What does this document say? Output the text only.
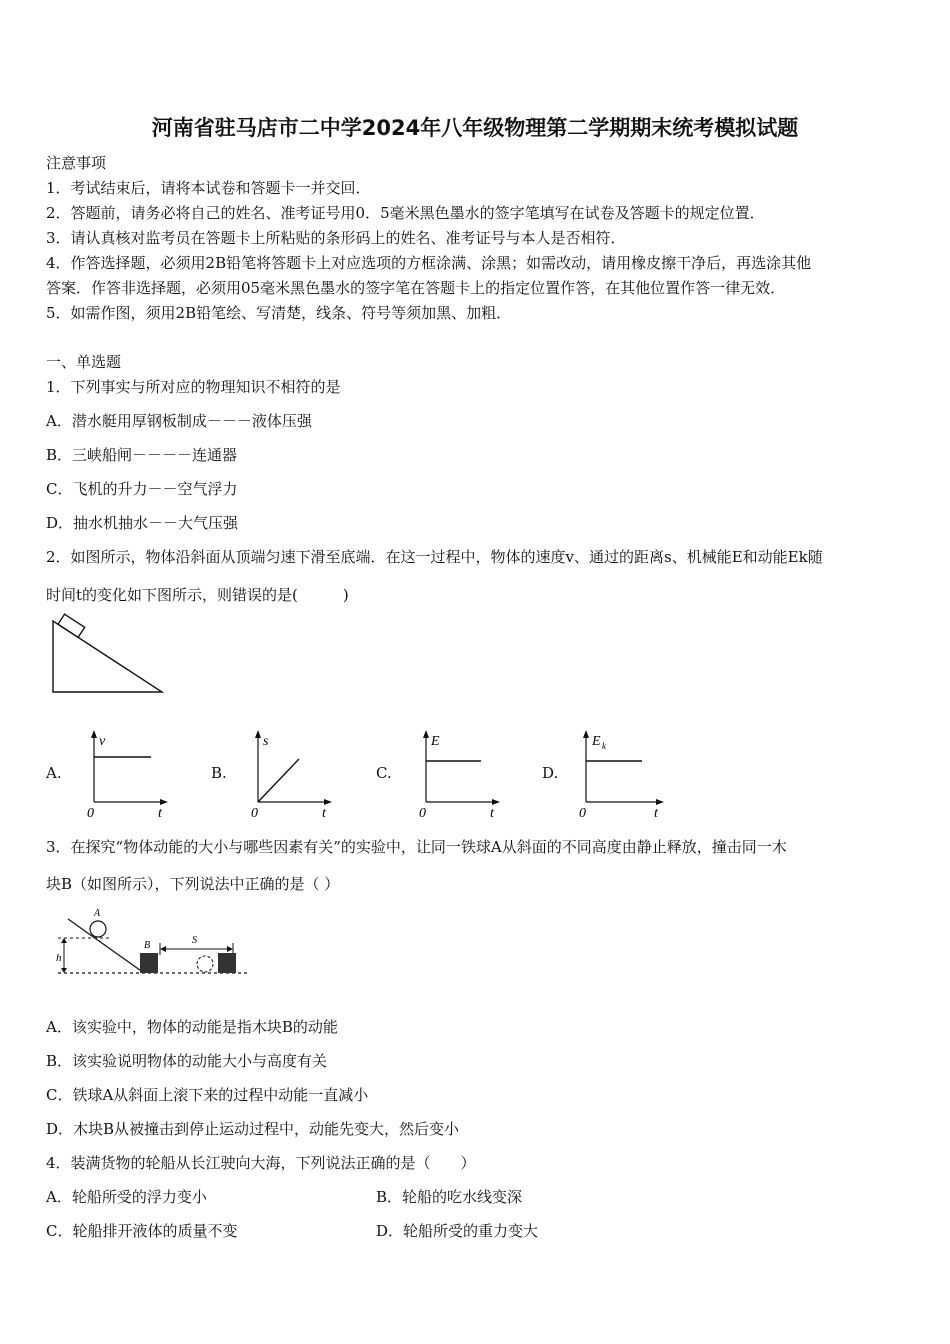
河南省驻马店市二中学2024年八年级物理第二学期期末统考模拟试题
注意事项
1．考试结束后，请将本试卷和答题卡一并交回．
2．答题前，请务必将自己的姓名、准考证号用0．5毫米黑色墨水的签字笔填写在试卷及答题卡的规定位置．
3．请认真核对监考员在答题卡上所粘贴的条形码上的姓名、准考证号与本人是否相符．
4．作答选择题，必须用2B铅笔将答题卡上对应选项的方框涂满、涂黑；如需改动，请用橡皮擦干净后，再选涂其他
答案．作答非选择题，必须用05毫米黑色墨水的签字笔在答题卡上的指定位置作答，在其他位置作答一律无效．
5．如需作图，须用2B铅笔绘、写清楚，线条、符号等须加黑、加粗．
一、单选题
1．下列事实与所对应的物理知识不相符的是
A．潜水艇用厚钢板制成－－－液体压强
B．三峡船闸－－－－连通器
C．飞机的升力－－空气浮力
D．抽水机抽水－－大气压强
2．如图所示，物体沿斜面从顶端匀速下滑至底端．在这一过程中，物体的速度v、通过的距离s、机械能E和动能Ek随
时间t的变化如下图所示，则错误的是(　　　)
A.
v
t
0
B.
s
t
0
C.
E
t
0
D.
E k
t
0
3．在探究“物体动能的大小与哪些因素有关”的实验中，让同一铁球A从斜面的不同高度由静止释放，撞击同一木
块B（如图所示），下列说法中正确的是（ ）
h
A
B	S
A．该实验中，物体的动能是指木块B的动能
B．该实验说明物体的动能大小与高度有关
C．铁球A从斜面上滚下来的过程中动能一直减小
D．木块B从被撞击到停止运动过程中，动能先变大，然后变小
4．装满货物的轮船从长江驶向大海，下列说法正确的是（　　）
A．轮船所受的浮力变小	B．轮船的吃水线变深
C．轮船排开液体的质量不变	D．轮船所受的重力变大
